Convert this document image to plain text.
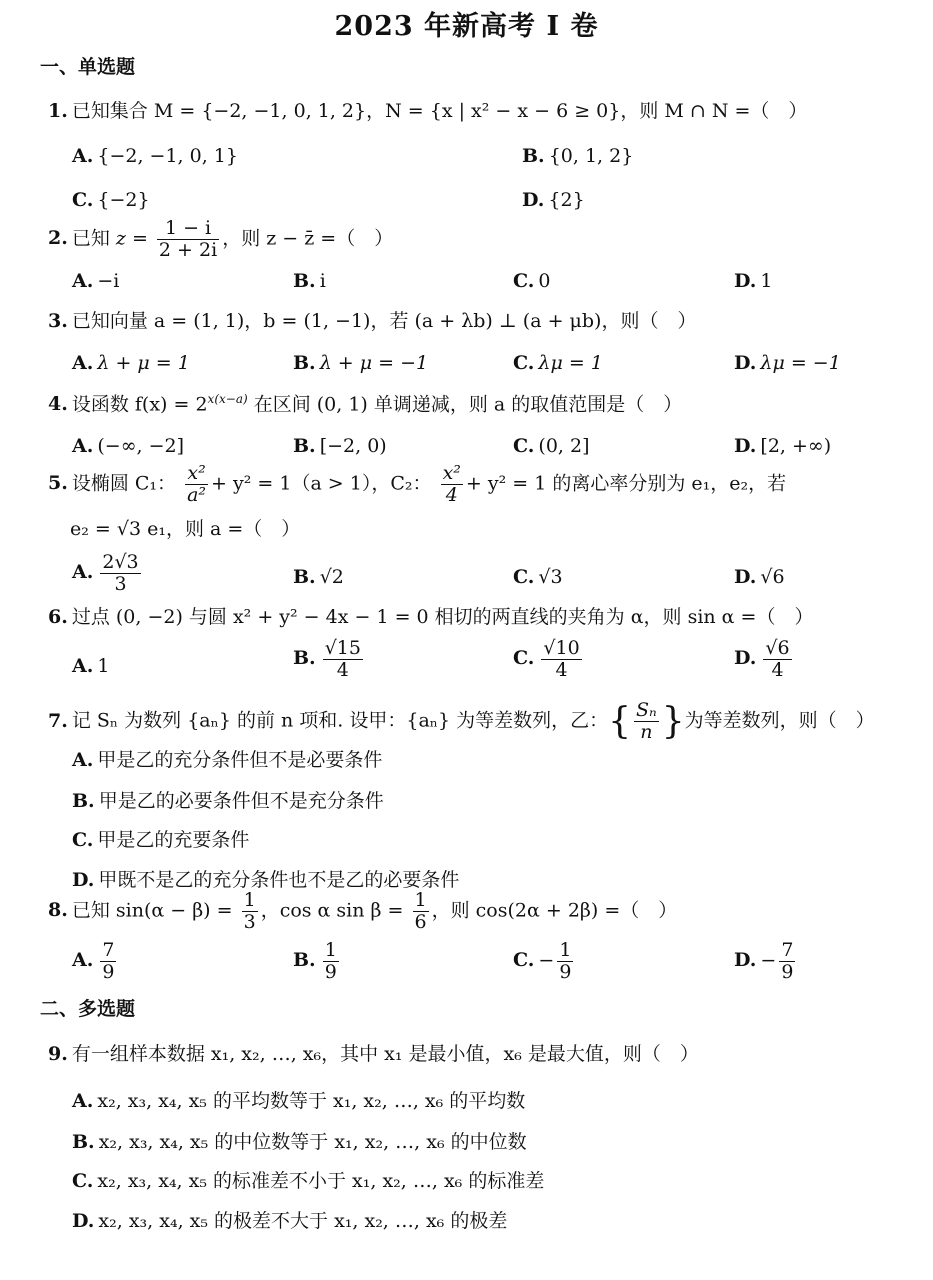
2023 年新高考 I 卷
一、单选题
1. 已知集合 M = {−2, −1, 0, 1, 2}，N = {x | x² − x − 6 ≥ 0}，则 M ∩ N =（　）
A. {−2, −1, 0, 1}	B. {0, 1, 2}
C. {−2}	D. {2}
2. 已知 $z = \frac{1 - i}{2 + 2i}$ ，则 z − z̄ =（　）
A. −i	B. i	C. 0	D. 1
3. 已知向量 a = (1, 1)，b = (1, −1)，若 (a + λb) ⊥ (a + μb)，则（　）
A. λ + μ = 1	B. λ + μ = −1	C. λμ = 1	D. λμ = −1
4. 设函数 $f(x) = 2^{x(x-a)}$ 在区间 (0, 1) 单调递减，则 a 的取值范围是（　）
A. (−∞, −2]	B. [−2, 0)	C. (0, 2]	D. [2, +∞)
5. 设椭圆 C₁： $\frac{\text{x²}}{\text{a²}} + y^2 = 1(a > 1)$，C₂： $\frac{\text{x²}}{4} + y^2 = 1$ 的离心率分别为 e₁，e₂，若
e₂ = √3 e₁，则 a =（　）
A. $\frac{2√3}{3}$	B. √2	C. √3	D. √6
6. 过点 (0, −2) 与圆 x² + y² − 4x − 1 = 0 相切的两直线的夹角为 α，则 sin α =（　）
A. 1	B. $\frac{√15}{4}$	C. $\frac{√10}{4}$	D. $\frac{√6}{4}$
7. 记 Sₙ 为数列 {aₙ} 的前 n 项和. 设甲：{aₙ} 为等差数列，乙：{ $\frac{\text{Sₙ}}{n}$ }为等差数列，则（　）
A. 甲是乙的充分条件但不是必要条件
B. 甲是乙的必要条件但不是充分条件
C. 甲是乙的充要条件
D. 甲既不是乙的充分条件也不是乙的必要条件
8. 已知 $\sin(\alpha - \beta) = \frac{1}{3}$ ，cos α $\sin \beta = \frac{1}{6}$ ，则 cos(2α + 2β) =（　）
A. $\frac{7}{9}$	B. $\frac{1}{9}$	C. − $\frac{1}{9}$	D. − $\frac{7}{9}$
二、多选题
9. 有一组样本数据 x₁, x₂, …, x₆，其中 x₁ 是最小值，x₆ 是最大值，则（　）
A. x₂, x₃, x₄, x₅ 的平均数等于 x₁, x₂, …, x₆ 的平均数
B. x₂, x₃, x₄, x₅ 的中位数等于 x₁, x₂, …, x₆ 的中位数
C. x₂, x₃, x₄, x₅ 的标准差不小于 x₁, x₂, …, x₆ 的标准差
D. x₂, x₃, x₄, x₅ 的极差不大于 x₁, x₂, …, x₆ 的极差
